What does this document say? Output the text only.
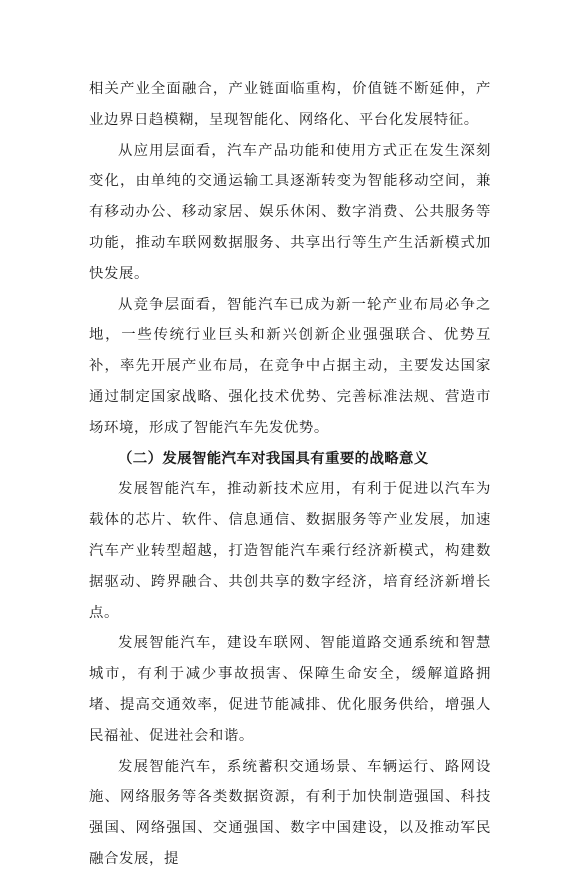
相关产业全面融合，产业链面临重构，价值链不断延伸，产业边界日趋模糊，呈现智能化、网络化、平台化发展特征。

从应用层面看，汽车产品功能和使用方式正在发生深刻变化，由单纯的交通运输工具逐渐转变为智能移动空间，兼有移动办公、移动家居、娱乐休闲、数字消费、公共服务等功能，推动车联网数据服务、共享出行等生产生活新模式加快发展。

从竞争层面看，智能汽车已成为新一轮产业布局必争之地，一些传统行业巨头和新兴创新企业强强联合、优势互补，率先开展产业布局，在竞争中占据主动，主要发达国家通过制定国家战略、强化技术优势、完善标准法规、营造市场环境，形成了智能汽车先发优势。

（二）发展智能汽车对我国具有重要的战略意义

发展智能汽车，推动新技术应用，有利于促进以汽车为载体的芯片、软件、信息通信、数据服务等产业发展，加速汽车产业转型超越，打造智能汽车乘行经济新模式，构建数据驱动、跨界融合、共创共享的数字经济，培育经济新增长点。

发展智能汽车，建设车联网、智能道路交通系统和智慧城市，有利于减少事故损害、保障生命安全，缓解道路拥堵、提高交通效率，促进节能减排、优化服务供给，增强人民福祉、促进社会和谐。

发展智能汽车，系统蓄积交通场景、车辆运行、路网设施、网络服务等各类数据资源，有利于加快制造强国、科技强国、网络强国、交通强国、数字中国建设，以及推动军民融合发展，提
